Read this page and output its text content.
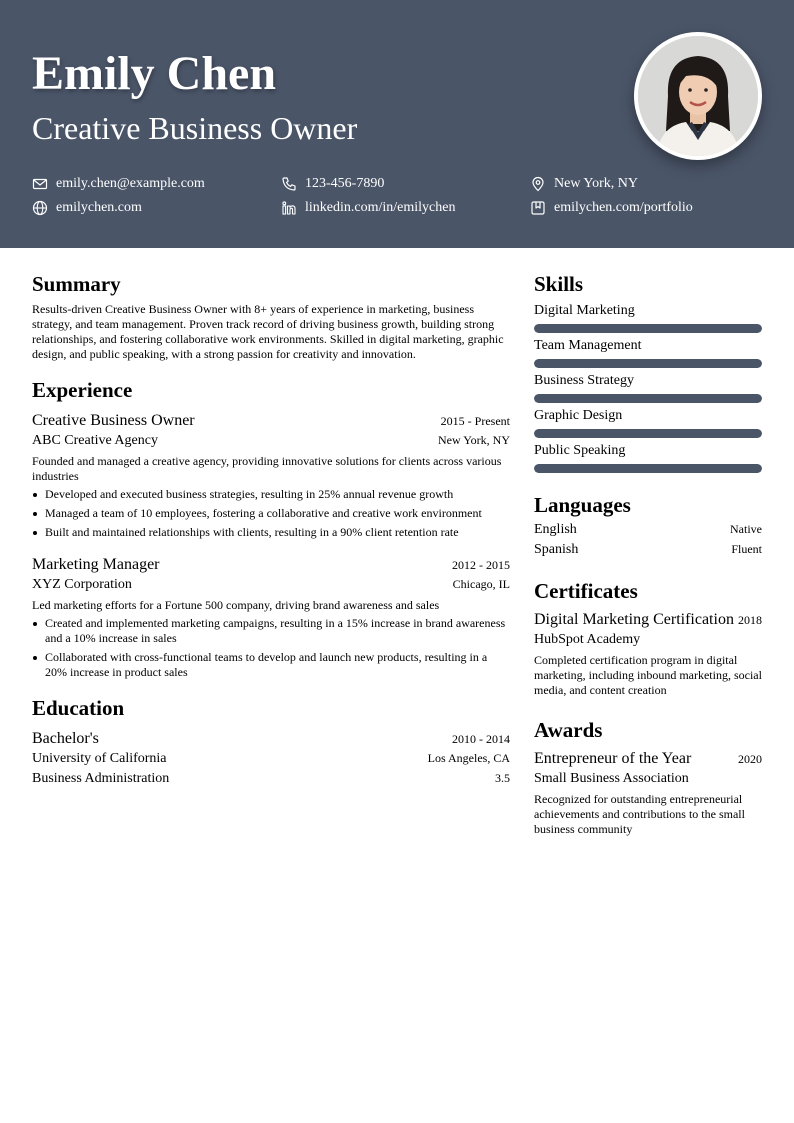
Emily Chen
Creative Business Owner
emily.chen@example.com	123-456-7890	New York, NY
emilychen.com	linkedin.com/in/emilychen	emilychen.com/portfolio
Summary

Results-driven Creative Business Owner with 8+ years of experience in marketing, business strategy, and team management. Proven track record of driving business growth, building strong relationships, and fostering collaborative work environments. Skilled in digital marketing, graphic design, and public speaking, with a strong passion for creativity and innovation.

Experience
Creative Business Owner	2015 - Present
ABC Creative Agency	New York, NY
Founded and managed a creative agency, providing innovative solutions for clients across various industries
Developed and executed business strategies, resulting in 25% annual revenue growth
Managed a team of 10 employees, fostering a collaborative and creative work environment
Built and maintained relationships with clients, resulting in a 90% client retention rate
Marketing Manager	2012 - 2015
XYZ Corporation	Chicago, IL
Led marketing efforts for a Fortune 500 company, driving brand awareness and sales
Created and implemented marketing campaigns, resulting in a 15% increase in brand awareness and a 10% increase in sales
Collaborated with cross-functional teams to develop and launch new products, resulting in a 20% increase in product sales
Education
Bachelor's	2010 - 2014
University of California	Los Angeles, CA
Business Administration	3.5
Skills
Digital Marketing
Team Management
Business Strategy
Graphic Design
Public Speaking
Languages
English	Native
Spanish	Fluent
Certificates
Digital Marketing Certification 2018
HubSpot Academy
Completed certification program in digital marketing, including inbound marketing, social media, and content creation
Awards
Entrepreneur of the Year	2020
Small Business Association
Recognized for outstanding entrepreneurial achievements and contributions to the small business community
